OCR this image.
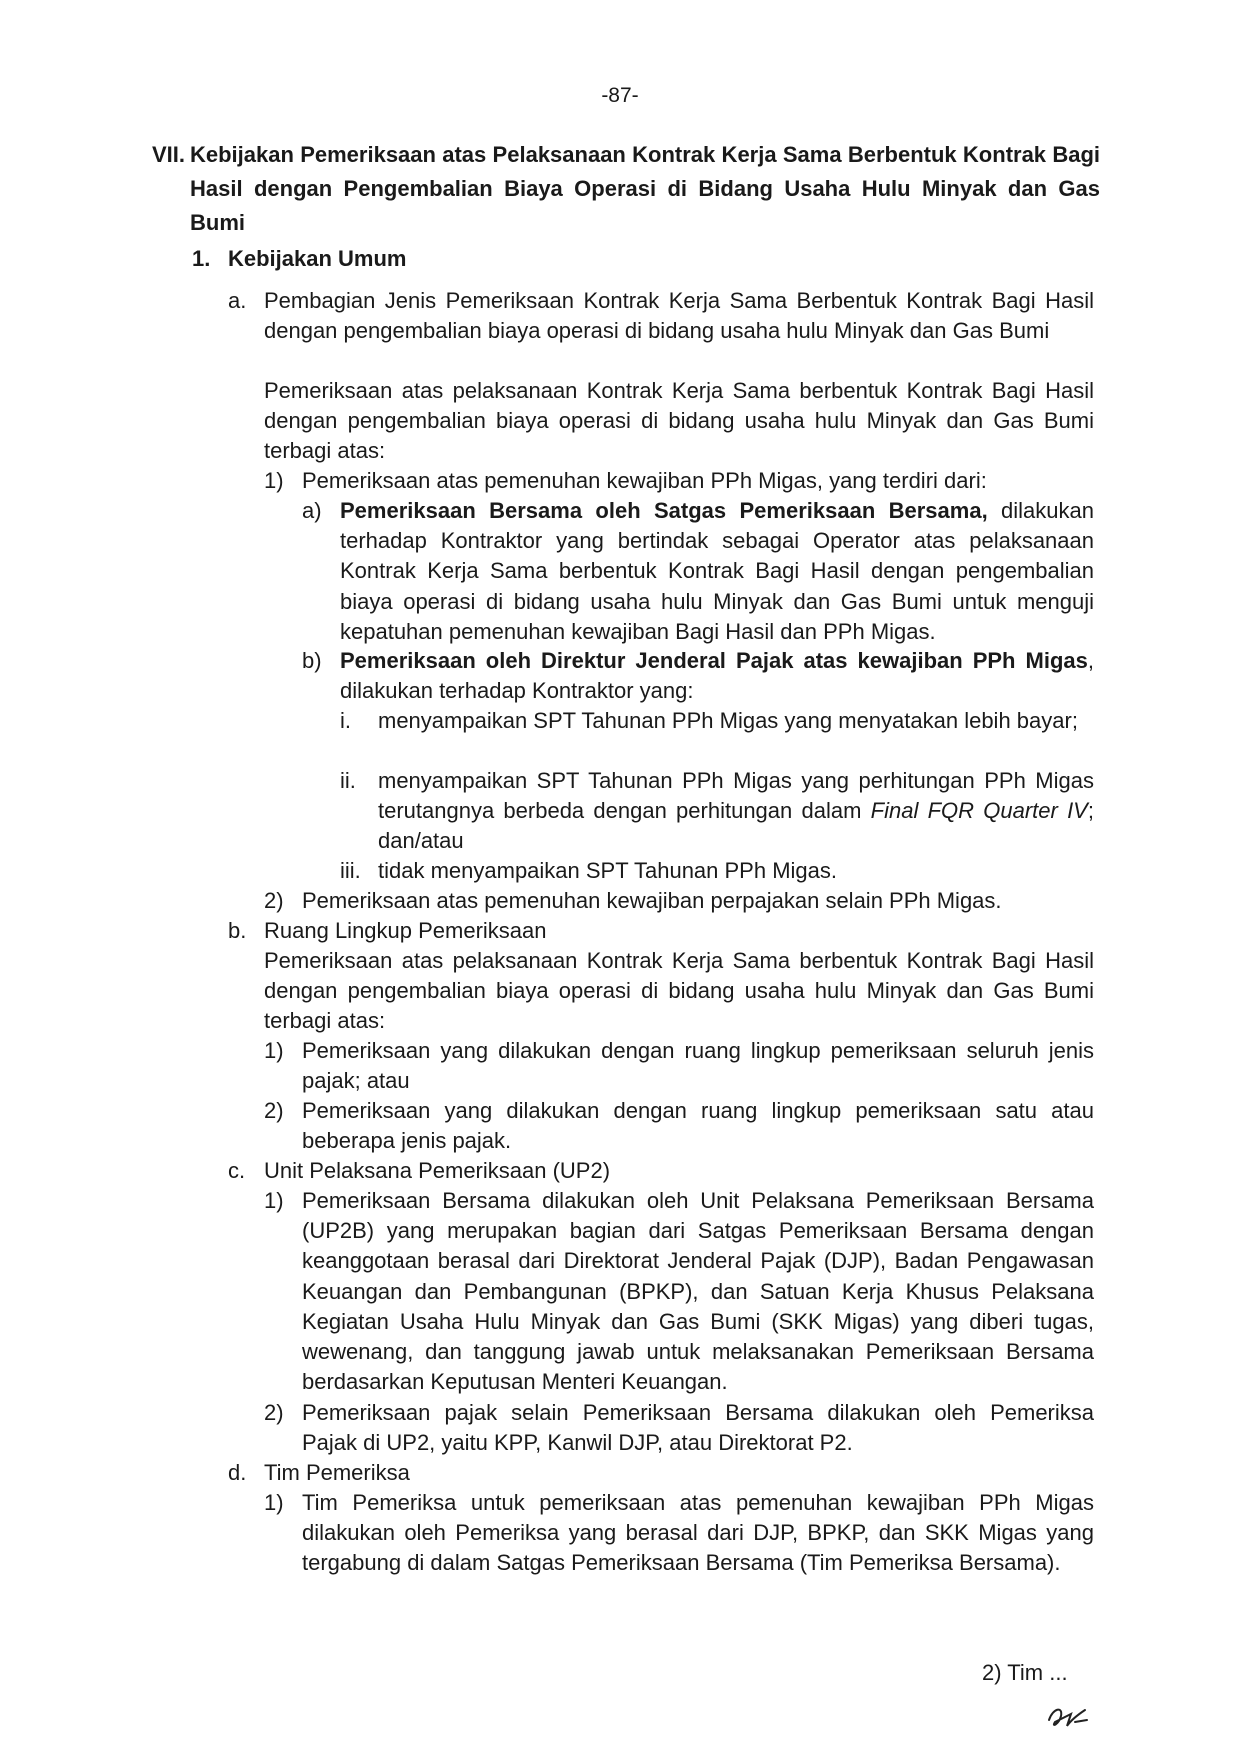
-87-
VII. Kebijakan Pemeriksaan atas Pelaksanaan Kontrak Kerja Sama Berbentuk Kontrak Bagi Hasil dengan Pengembalian Biaya Operasi di Bidang Usaha Hulu Minyak dan Gas Bumi
1. Kebijakan Umum
a. Pembagian Jenis Pemeriksaan Kontrak Kerja Sama Berbentuk Kontrak Bagi Hasil dengan pengembalian biaya operasi di bidang usaha hulu Minyak dan Gas Bumi
Pemeriksaan atas pelaksanaan Kontrak Kerja Sama berbentuk Kontrak Bagi Hasil dengan pengembalian biaya operasi di bidang usaha hulu Minyak dan Gas Bumi terbagi atas:
1) Pemeriksaan atas pemenuhan kewajiban PPh Migas, yang terdiri dari:
a) Pemeriksaan Bersama oleh Satgas Pemeriksaan Bersama, dilakukan terhadap Kontraktor yang bertindak sebagai Operator atas pelaksanaan Kontrak Kerja Sama berbentuk Kontrak Bagi Hasil dengan pengembalian biaya operasi di bidang usaha hulu Minyak dan Gas Bumi untuk menguji kepatuhan pemenuhan kewajiban Bagi Hasil dan PPh Migas.
b) Pemeriksaan oleh Direktur Jenderal Pajak atas kewajiban PPh Migas, dilakukan terhadap Kontraktor yang:
i. menyampaikan SPT Tahunan PPh Migas yang menyatakan lebih bayar;
ii. menyampaikan SPT Tahunan PPh Migas yang perhitungan PPh Migas terutangnya berbeda dengan perhitungan dalam Final FQR Quarter IV; dan/atau
iii. tidak menyampaikan SPT Tahunan PPh Migas.
2) Pemeriksaan atas pemenuhan kewajiban perpajakan selain PPh Migas.
b. Ruang Lingkup Pemeriksaan
Pemeriksaan atas pelaksanaan Kontrak Kerja Sama berbentuk Kontrak Bagi Hasil dengan pengembalian biaya operasi di bidang usaha hulu Minyak dan Gas Bumi terbagi atas:
1) Pemeriksaan yang dilakukan dengan ruang lingkup pemeriksaan seluruh jenis pajak; atau
2) Pemeriksaan yang dilakukan dengan ruang lingkup pemeriksaan satu atau beberapa jenis pajak.
c. Unit Pelaksana Pemeriksaan (UP2)
1) Pemeriksaan Bersama dilakukan oleh Unit Pelaksana Pemeriksaan Bersama (UP2B) yang merupakan bagian dari Satgas Pemeriksaan Bersama dengan keanggotaan berasal dari Direktorat Jenderal Pajak (DJP), Badan Pengawasan Keuangan dan Pembangunan (BPKP), dan Satuan Kerja Khusus Pelaksana Kegiatan Usaha Hulu Minyak dan Gas Bumi (SKK Migas) yang diberi tugas, wewenang, dan tanggung jawab untuk melaksanakan Pemeriksaan Bersama berdasarkan Keputusan Menteri Keuangan.
2) Pemeriksaan pajak selain Pemeriksaan Bersama dilakukan oleh Pemeriksa Pajak di UP2, yaitu KPP, Kanwil DJP, atau Direktorat P2.
d. Tim Pemeriksa
1) Tim Pemeriksa untuk pemeriksaan atas pemenuhan kewajiban PPh Migas dilakukan oleh Pemeriksa yang berasal dari DJP, BPKP, dan SKK Migas yang tergabung di dalam Satgas Pemeriksaan Bersama (Tim Pemeriksa Bersama).
2) Tim ...
